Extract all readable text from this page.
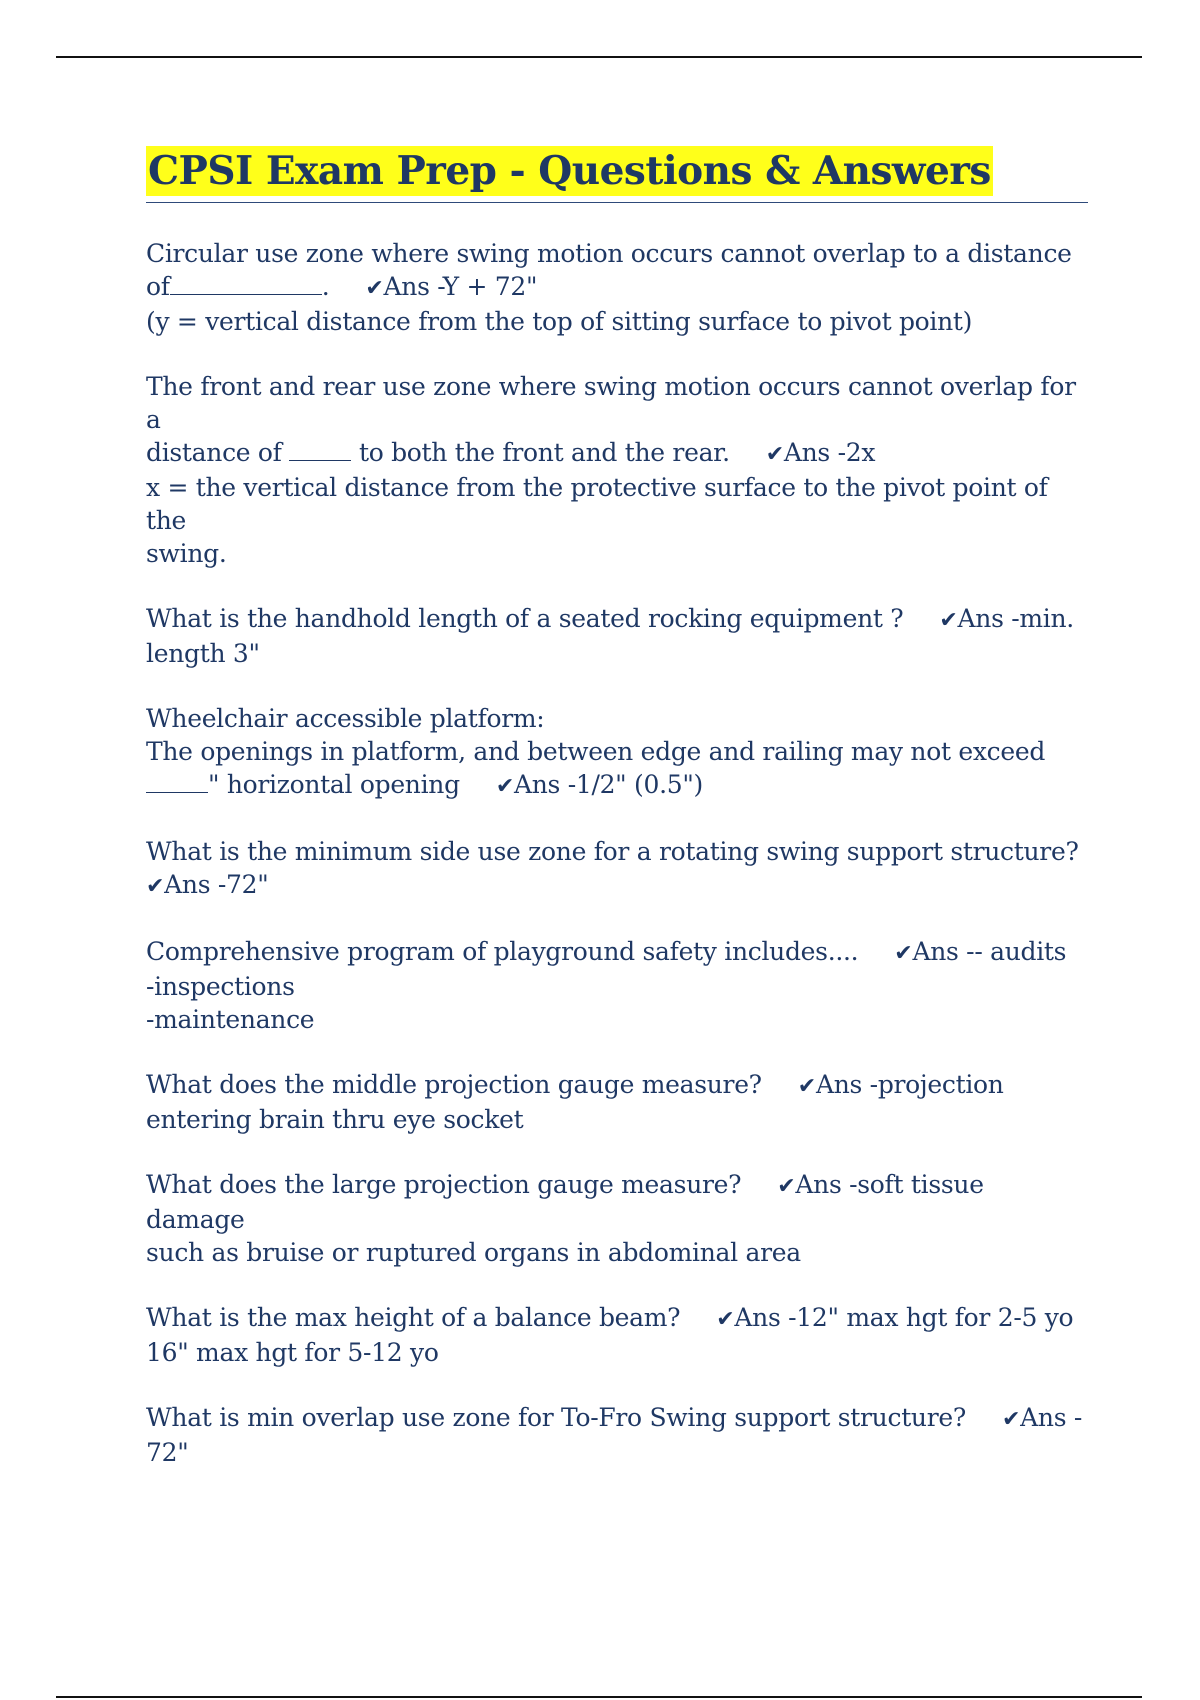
CPSI Exam Prep - Questions & Answers
Circular use zone where swing motion occurs cannot overlap to a distance
of	. ✔Ans -Y + 72"
(y = vertical distance from the top of sitting surface to pivot point)
The front and rear use zone where swing motion occurs cannot overlap for a
distance of	to both the front and the rear. ✔Ans -2x
x = the vertical distance from the protective surface to the pivot point of the
swing.
What is the handhold length of a seated rocking equipment ? ✔Ans -min.
length 3"
Wheelchair accessible platform:
The openings in platform, and between edge and railing may not exceed
" horizontal opening ✔Ans -1/2" (0.5")
What is the minimum side use zone for a rotating swing support structure?
✔Ans -72"
Comprehensive program of playground safety includes.... ✔Ans -- audits
-inspections
-maintenance
What does the middle projection gauge measure? ✔Ans -projection
entering brain thru eye socket
What does the large projection gauge measure? ✔Ans -soft tissue damage
such as bruise or ruptured organs in abdominal area
What is the max height of a balance beam? ✔Ans -12" max hgt for 2-5 yo
16" max hgt for 5-12 yo
What is min overlap use zone for To-Fro Swing support structure? ✔Ans -
72"
